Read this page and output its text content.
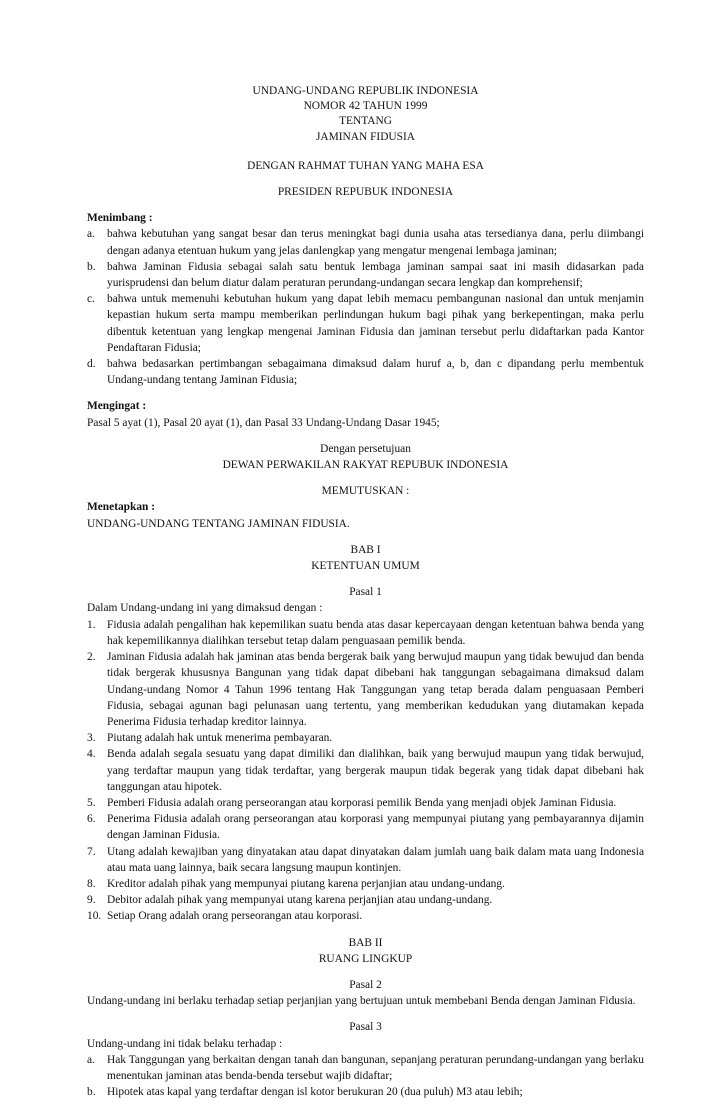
UNDANG-UNDANG REPUBLIK INDONESIA
NOMOR 42 TAHUN 1999
TENTANG
JAMINAN FIDUSIA
DENGAN RAHMAT TUHAN YANG MAHA ESA
PRESIDEN REPUBUK INDONESIA
Menimbang :
a.	bahwa kebutuhan yang sangat besar dan terus meningkat bagi dunia usaha atas tersedianya dana, perlu diimbangi dengan adanya etentuan hukum yang jelas danlengkap yang mengatur mengenai lembaga jaminan;
b.	bahwa Jaminan Fidusia sebagai salah satu bentuk lembaga jaminan sampai saat ini masih didasarkan pada yurisprudensi dan belum diatur dalam peraturan perundang-undangan secara lengkap dan komprehensif;
c.	bahwa untuk memenuhi kebutuhan hukum yang dapat lebih memacu pembangunan nasional dan untuk menjamin kepastian hukum serta mampu memberikan perlindungan hukum bagi pihak yang berkepentingan, maka perlu dibentuk ketentuan yang lengkap mengenai Jaminan Fidusia dan jaminan tersebut perlu didaftarkan pada Kantor Pendaftaran Fidusia;
d.	bahwa bedasarkan pertimbangan sebagaimana dimaksud dalam huruf a, b, dan c dipandang perlu membentuk Undang-undang tentang Jaminan Fidusia;
Mengingat :
Pasal 5 ayat (1), Pasal 20 ayat (1), dan Pasal 33 Undang-Undang Dasar 1945;
Dengan persetujuan
DEWAN PERWAKILAN RAKYAT REPUBUK INDONESIA
MEMUTUSKAN :
Menetapkan :
UNDANG-UNDANG TENTANG JAMINAN FIDUSIA.
BAB I
KETENTUAN UMUM
Pasal 1
Dalam Undang-undang ini yang dimaksud dengan :
1.	Fidusia adalah pengalihan hak kepemilikan suatu benda atas dasar kepercayaan dengan ketentuan bahwa benda yang hak kepemilikannya dialihkan tersebut tetap dalam penguasaan pemilik benda.
2.	Jaminan Fidusia adalah hak jaminan atas benda bergerak baik yang berwujud maupun yang tidak bewujud dan benda tidak bergerak khususnya Bangunan yang tidak dapat dibebani hak tanggungan sebagaimana dimaksud dalam Undang-undang Nomor 4 Tahun 1996 tentang Hak Tanggungan yang tetap berada dalam penguasaan Pemberi Fidusia, sebagai agunan bagi pelunasan uang tertentu, yang memberikan kedudukan yang diutamakan kepada Penerima Fidusia terhadap kreditor lainnya.
3.	Piutang adalah hak untuk menerima pembayaran.
4.	Benda adalah segala sesuatu yang dapat dimiliki dan dialihkan, baik yang berwujud maupun yang tidak berwujud, yang terdaftar maupun yang tidak terdaftar, yang bergerak maupun tidak begerak yang tidak dapat dibebani hak tanggungan atau hipotek.
5.	Pemberi Fidusia adalah orang perseorangan atau korporasi pemilik Benda yang menjadi objek Jaminan Fidusia.
6.	Penerima Fidusia adalah orang perseorangan atau korporasi yang mempunyai piutang yang pembayarannya dijamin dengan Jaminan Fidusia.
7.	Utang adalah kewajiban yang dinyatakan atau dapat dinyatakan dalam jumlah uang baik dalam mata uang Indonesia atau mata uang lainnya, baik secara langsung maupun kontinjen.
8.	Kreditor adalah pihak yang mempunyai piutang karena perjanjian atau undang-undang.
9.	Debitor adalah pihak yang mempunyai utang karena perjanjian atau undang-undang.
10. Setiap Orang adalah orang perseorangan atau korporasi.
BAB II
RUANG LINGKUP
Pasal 2
Undang-undang ini berlaku terhadap setiap perjanjian yang bertujuan untuk membebani Benda dengan Jaminan Fidusia.
Pasal 3
Undang-undang ini tidak belaku terhadap :
a.	Hak Tanggungan yang berkaitan dengan tanah dan bangunan, sepanjang peraturan perundang-undangan yang berlaku menentukan jaminan atas benda-benda tersebut wajib didaftar;
b.	Hipotek atas kapal yang terdaftar dengan isl kotor berukuran 20 (dua puluh) M3 atau lebih;
